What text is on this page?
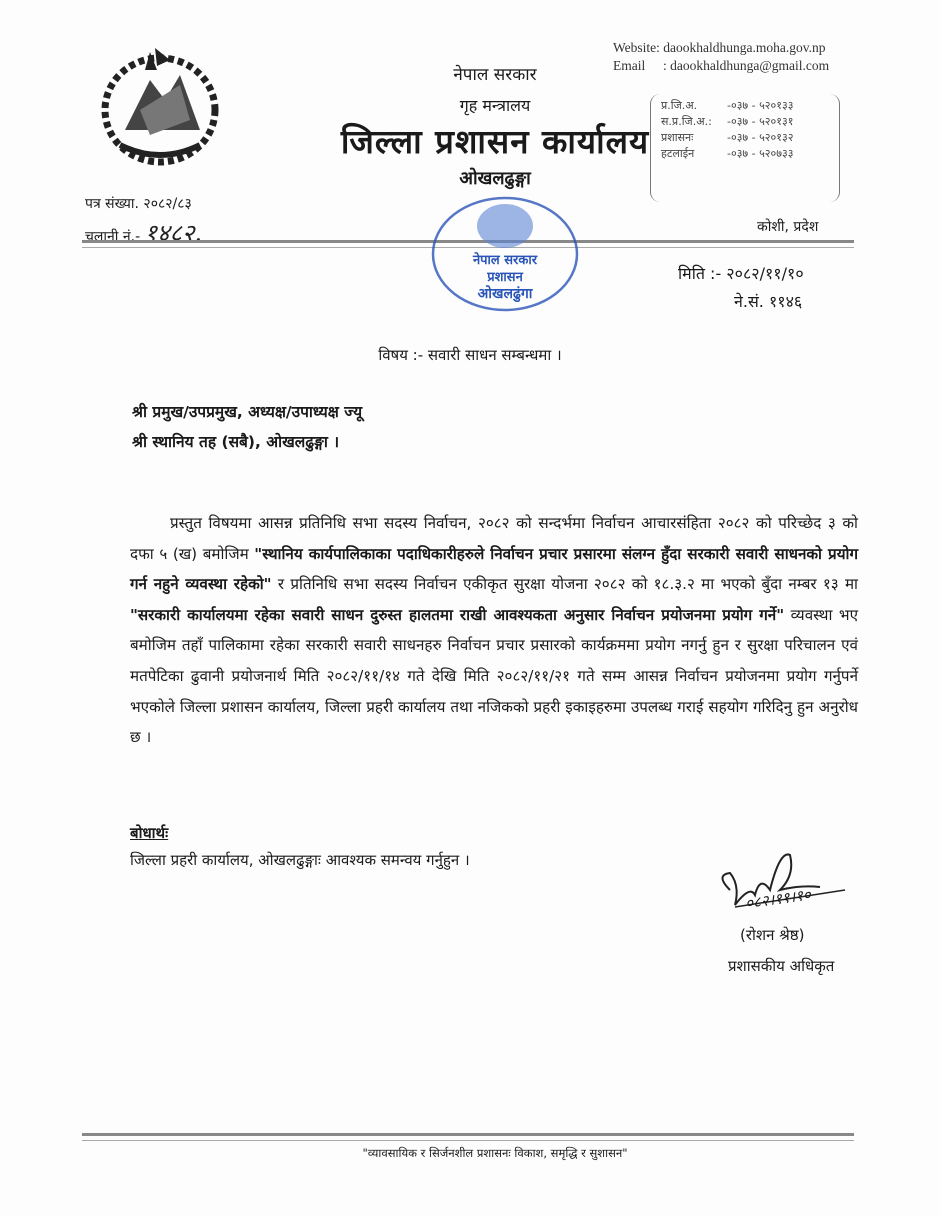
Website: daookhaldhunga.moha.gov.np
Email : daookhaldhunga@gmail.com
नेपाल सरकार
गृह मन्त्रालय
जिल्ला प्रशासन कार्यालय
ओखलढुङ्गा
प्र.जि.अ.	-०३७ - ५२०१३३
स.प्र.जि.अ.:	-०३७ - ५२०१३१
प्रशासनः	-०३७ - ५२०१३२
हटलाईन	-०३७ - ५२०७३३
पत्र संख्या. २०८२/८३
चलानी नं.- १४८२.	कोशी, प्रदेश
नेपाल सरकार
प्रशासन
ओखलढुंगा
मिति :- २०८२/११/१०
ने.सं. ११४६
विषय :- सवारी साधन सम्बन्धमा ।
श्री प्रमुख/उपप्रमुख, अध्यक्ष/उपाध्यक्ष ज्यू
श्री स्थानिय तह (सबै), ओखलढुङ्गा ।
प्रस्तुत विषयमा आसन्न प्रतिनिधि सभा सदस्य निर्वाचन, २०८२ को सन्दर्भमा निर्वाचन आचारसंहिता २०८२ को परिच्छेद ३ को दफा ५ (ख) बमोजिम "स्थानिय कार्यपालिकाका पदाधिकारीहरुले निर्वाचन प्रचार प्रसारमा संलग्न हुँदा सरकारी सवारी साधनको प्रयोग गर्न नहुने व्यवस्था रहेको" र प्रतिनिधि सभा सदस्य निर्वाचन एकीकृत सुरक्षा योजना २०८२ को १८.३.२ मा भएको बुँदा नम्बर १३ मा "सरकारी कार्यालयमा रहेका सवारी साधन दुरुस्त हालतमा राखी आवश्यकता अनुसार निर्वाचन प्रयोजनमा प्रयोग गर्ने" व्यवस्था भए बमोजिम तहाँ पालिकामा रहेका सरकारी सवारी साधनहरु निर्वाचन प्रचार प्रसारको कार्यक्रममा प्रयोग नगर्नु हुन र सुरक्षा परिचालन एवं मतपेटिका ढुवानी प्रयोजनार्थ मिति २०८२/११/१४ गते देखि मिति २०८२/११/२१ गते सम्म आसन्न निर्वाचन प्रयोजनमा प्रयोग गर्नुपर्ने भएकोले जिल्ला प्रशासन कार्यालय, जिल्ला प्रहरी कार्यालय तथा नजिकको प्रहरी इकाइहरुमा उपलब्ध गराई सहयोग गरिदिनु हुन अनुरोध छ ।
बोधार्थः
जिल्ला प्रहरी कार्यालय, ओखलढुङ्गाः आवश्यक समन्वय गर्नुहुन ।
०८२।११।१०
(रोशन श्रेष्ठ)
प्रशासकीय अधिकृत
"व्यावसायिक र सिर्जनशील प्रशासनः विकाश, समृद्धि र सुशासन"
